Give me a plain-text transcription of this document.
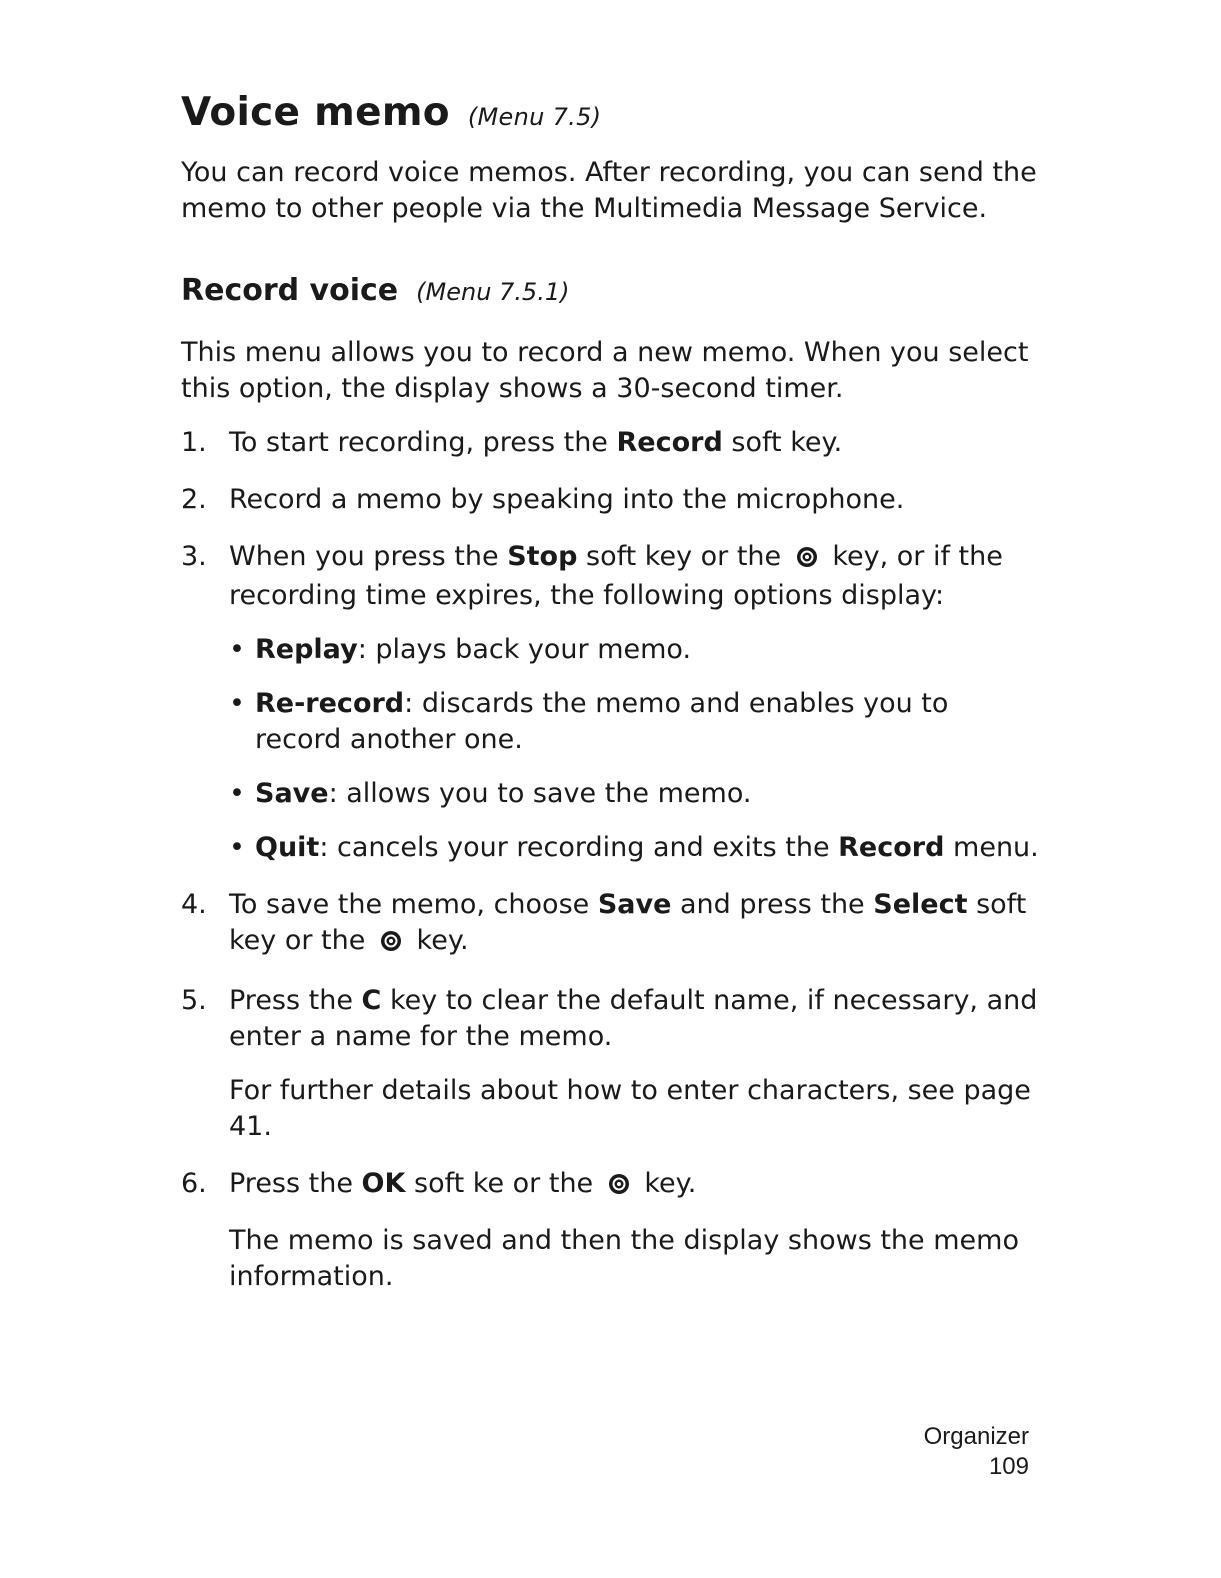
Voice memo (Menu 7.5)

You can record voice memos. After recording, you can send the memo to other people via the Multimedia Message Service.

Record voice (Menu 7.5.1)

This menu allows you to record a new memo. When you select this option, the display shows a 30-second timer.

1. To start recording, press the Record soft key.

2. Record a memo by speaking into the microphone.

3. When you press the Stop soft key or the  key, or if the recording time expires, the following options display:

• Replay: plays back your memo.

• Re-record: discards the memo and enables you to record another one.

• Save: allows you to save the memo.

• Quit: cancels your recording and exits the Record menu.

4. To save the memo, choose Save and press the Select soft key or the  key.

5. Press the C key to clear the default name, if necessary, and enter a name for the memo.

For further details about how to enter characters, see page 41.

6. Press the OK soft ke or the  key.

The memo is saved and then the display shows the memo information.

Organizer
109
